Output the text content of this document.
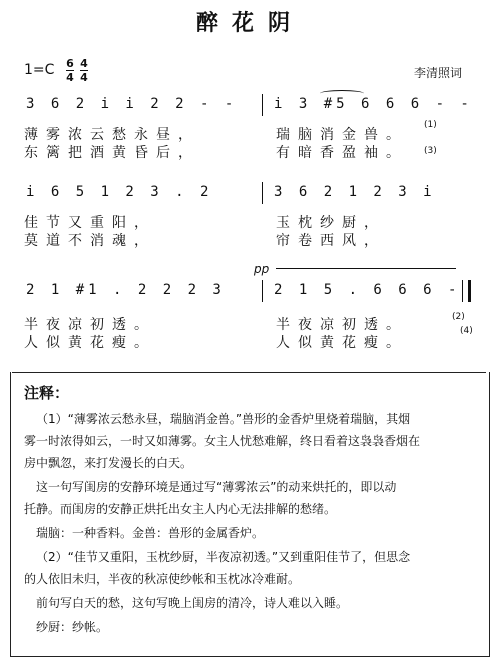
醉花阴
1=C 6
4
4
4	李清照词
3 6 2 i i 2 2 - -	i 3 #5 6 6 6 - -
薄雾浓云愁永昼，	瑞脑消金兽。
(1)
东篱把酒黄昏后，	有暗香盈袖。 (3)
i 6 5 1 2 3 . 2	3 6 2 1 2 3 i
佳节又重阳，	玉枕纱厨，
莫道不消魂，	帘卷西风，
pp
2 1 #1 . 2 2 2 3	2 1 5 . 6 6 6 -
半夜凉初透。	半夜凉初透。	(2)
人似黄花瘦。	人似黄花瘦。
(4)
注释：
（1）“薄雾浓云愁永昼，瑞脑消金兽。”兽形的金香炉里烧着瑞脑，其烟
雾一时浓得如云，一时又如薄雾。女主人忧愁难解，终日看着这袅袅香烟在
房中飘忽，来打发漫长的白天。
这一句写闺房的安静环境是通过写“薄雾浓云”的动来烘托的，即以动
托静。而闺房的安静正烘托出女主人内心无法排解的愁绪。
瑞脑：一种香料。金兽：兽形的金属香炉。
（2）“佳节又重阳，玉枕纱厨，半夜凉初透。”又到重阳佳节了，但思念
的人依旧未归，半夜的秋凉使纱帐和玉枕冰冷难耐。
前句写白天的愁，这句写晚上闺房的清冷，诗人难以入睡。
纱厨：纱帐。
